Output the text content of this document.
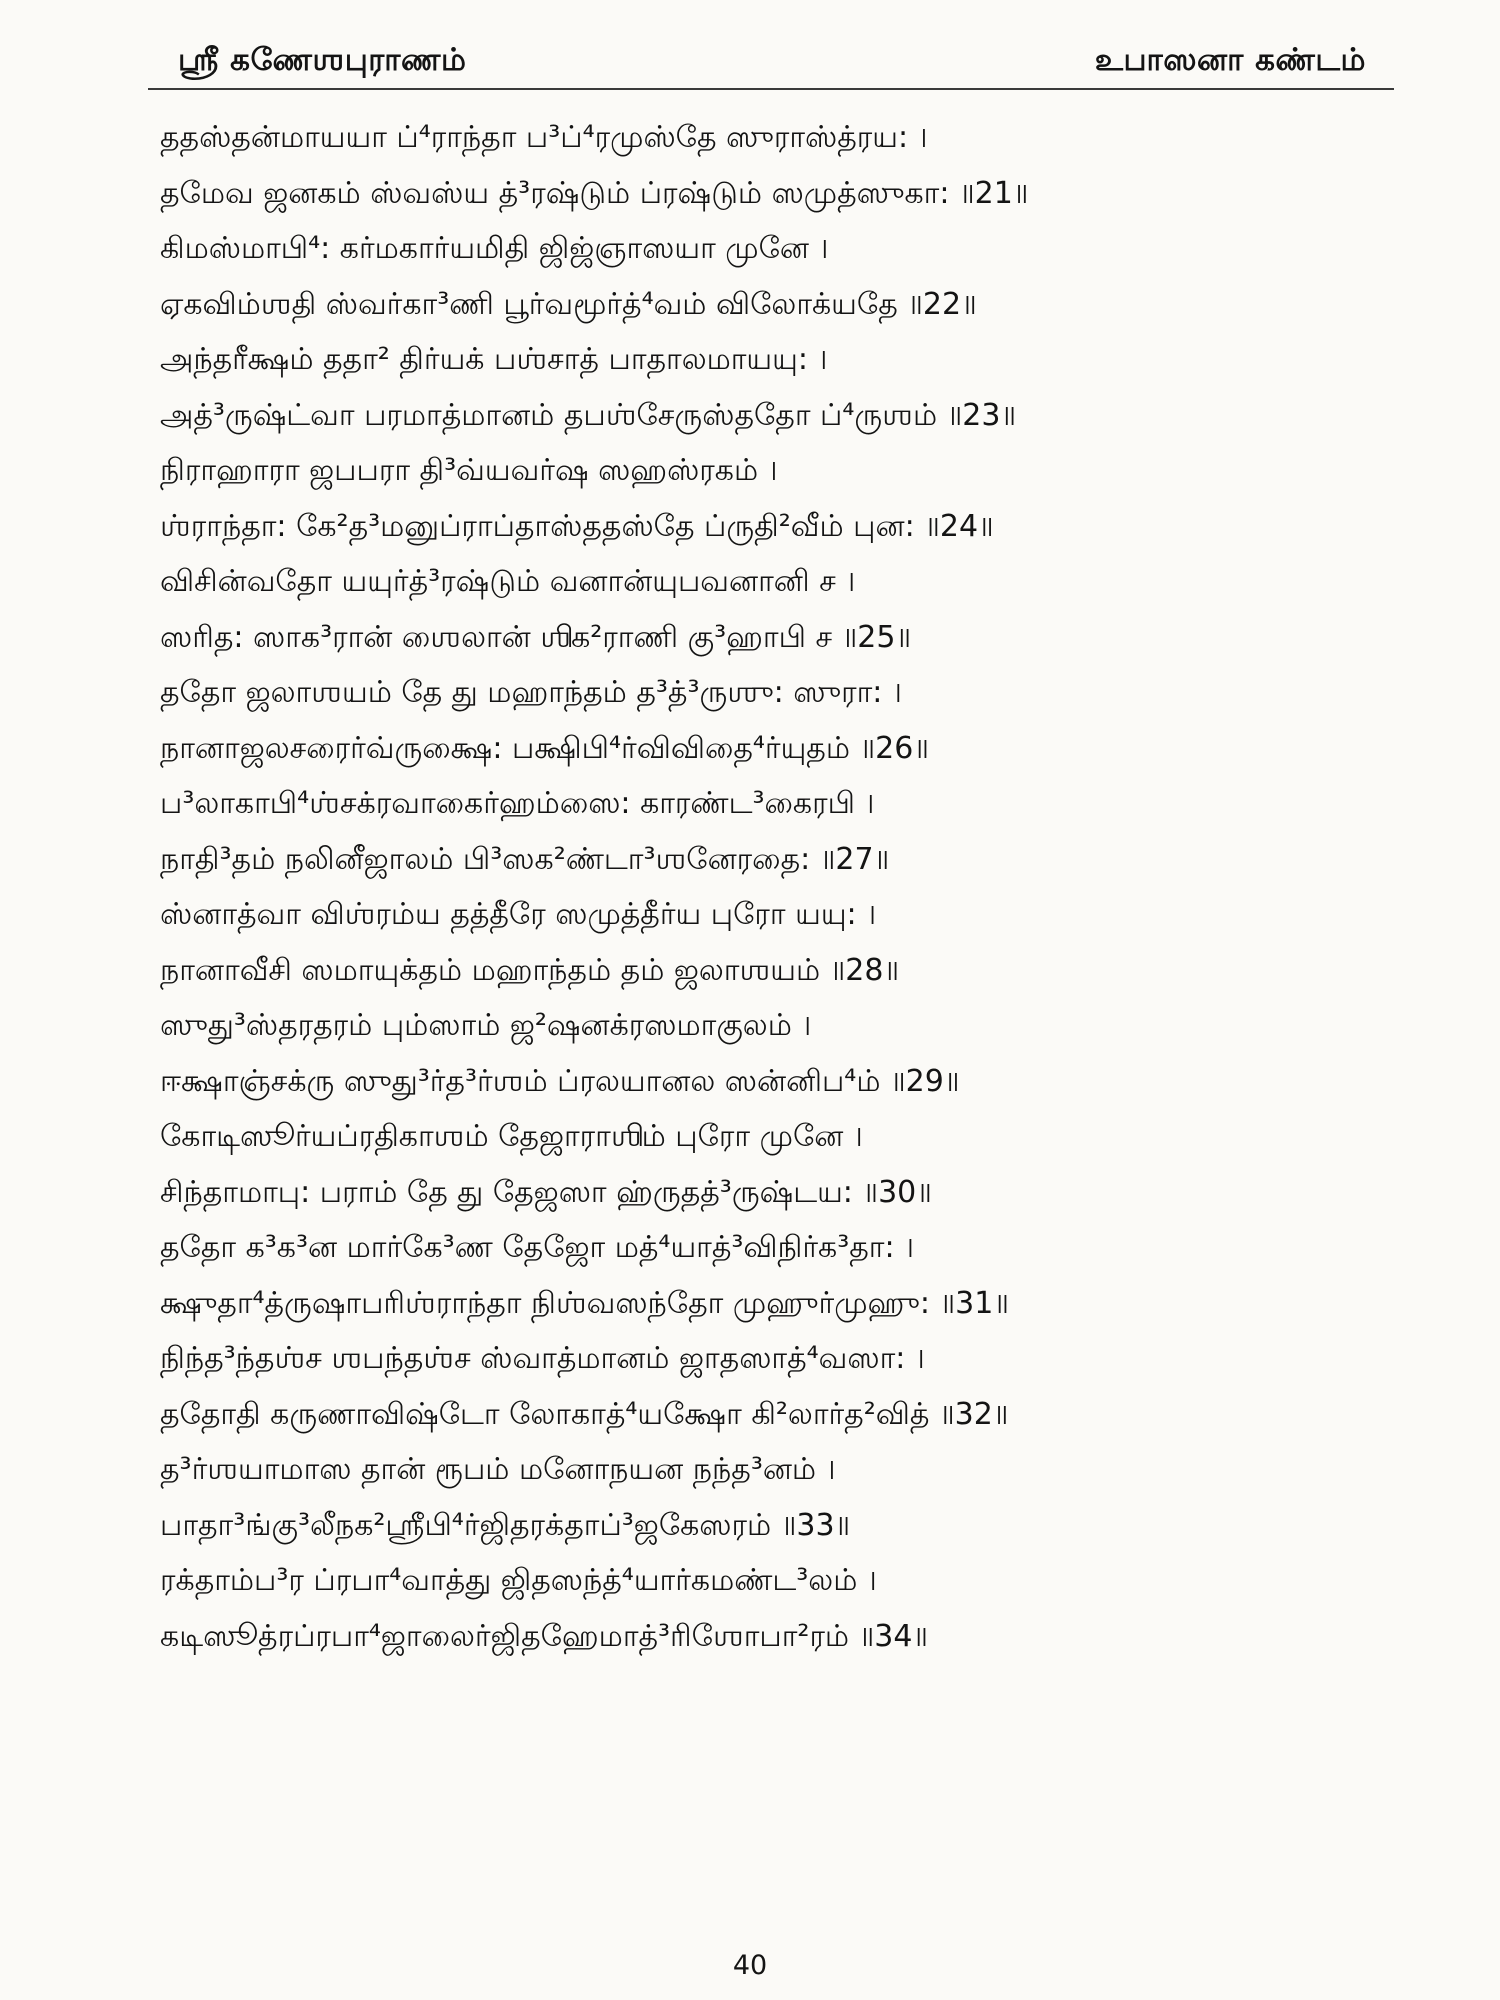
ஸ்ரீ கணேஶபுராணம்	உபாஸனா கண்டம்
ததஸ்தன்மாயயா ப்⁴ராந்தா ப³ப்⁴ரமுஸ்தே ஸுராஸ்த்ரய: ।
தமேவ ஜனகம் ஸ்வஸ்ய த்³ரஷ்டும் ப்ரஷ்டும் ஸமுத்ஸுகா: ॥21॥
கிமஸ்மாபி⁴: கர்மகார்யமிதி ஜிஜ்ஞாஸயா முனே ।
ஏகவிம்ஶதி ஸ்வர்கா³ணி பூர்வமூர்த்⁴வம் விலோக்யதே ॥22॥
அந்தரீக்ஷம் ததா² திர்யக் பஶ்சாத் பாதாலமாயயு: ।
அத்³ருஷ்ட்வா பரமாத்மானம் தபஶ்சேருஸ்ததோ ப்⁴ருஶம் ॥23॥
நிராஹாரா ஜபபரா தி³வ்யவர்ஷ ஸஹஸ்ரகம் ।
ஶ்ராந்தா: கே²த³மனுப்ராப்தாஸ்ததஸ்தே ப்ருதி²வீம் புன: ॥24॥
விசின்வதோ யயுர்த்³ரஷ்டும் வனான்யுபவனானி ச ।
ஸரித: ஸாக³ரான் ஶைலான் ஶிக²ராணி கு³ஹாபி ச ॥25॥
ததோ ஜலாஶயம் தே து மஹாந்தம் த³த்³ருஶு: ஸுரா: ।
நானாஜலசரைர்வ்ருக்ஷை: பக்ஷிபி⁴ர்விவிதை⁴ர்யுதம் ॥26॥
ப³லாகாபி⁴ஶ்சக்ரவாகைர்ஹம்ஸை: காரண்ட³கைரபி ।
நாதி³தம் நலினீஜாலம் பி³ஸக²ண்டா³ஶனேரதை: ॥27॥
ஸ்னாத்வா விஶ்ரம்ய தத்தீரே ஸமுத்தீர்ய புரோ யயு: ।
நானாவீசி ஸமாயுக்தம் மஹாந்தம் தம் ஜலாஶயம் ॥28॥
ஸுது³ஸ்தரதரம் பும்ஸாம் ஜ²ஷனக்ரஸமாகுலம் ।
ஈக்ஷாஞ்சக்ரு ஸுது³ர்த³ர்ஶம் ப்ரலயானல ஸன்னிப⁴ம் ॥29॥
கோடிஸூர்யப்ரதிகாஶம் தேஜாராஶிம் புரோ முனே ।
சிந்தாமாபு: பராம் தே து தேஜஸா ஹ்ருதத்³ருஷ்டய: ॥30॥
ததோ க³க³ன மார்கே³ண தேஜோ மத்⁴யாத்³விநிர்க³தா: ।
க்ஷுதா⁴த்ருஷாபரிஶ்ராந்தா நிஶ்வஸந்தோ முஹுர்முஹு: ॥31॥
நிந்த³ந்தஶ்ச ஶபந்தஶ்ச ஸ்வாத்மானம் ஜாதஸாத்⁴வஸா: ।
ததோதி கருணாவிஷ்டோ லோகாத்⁴யக்ஷோ கி²லார்த²வித் ॥32॥
த³ர்ஶயாமாஸ தான் ரூபம் மனோநயன நந்த³னம் ।
பாதா³ங்கு³லீநக²ஶ்ரீபி⁴ர்ஜிதரக்தாப்³ஜகேஸரம் ॥33॥
ரக்தாம்ப³ர ப்ரபா⁴வாத்து ஜிதஸந்த்⁴யார்கமண்ட³லம் ।
கடிஸூத்ரப்ரபா⁴ஜாலைர்ஜிதஹேமாத்³ரிஶோபா²ரம் ॥34॥
40
